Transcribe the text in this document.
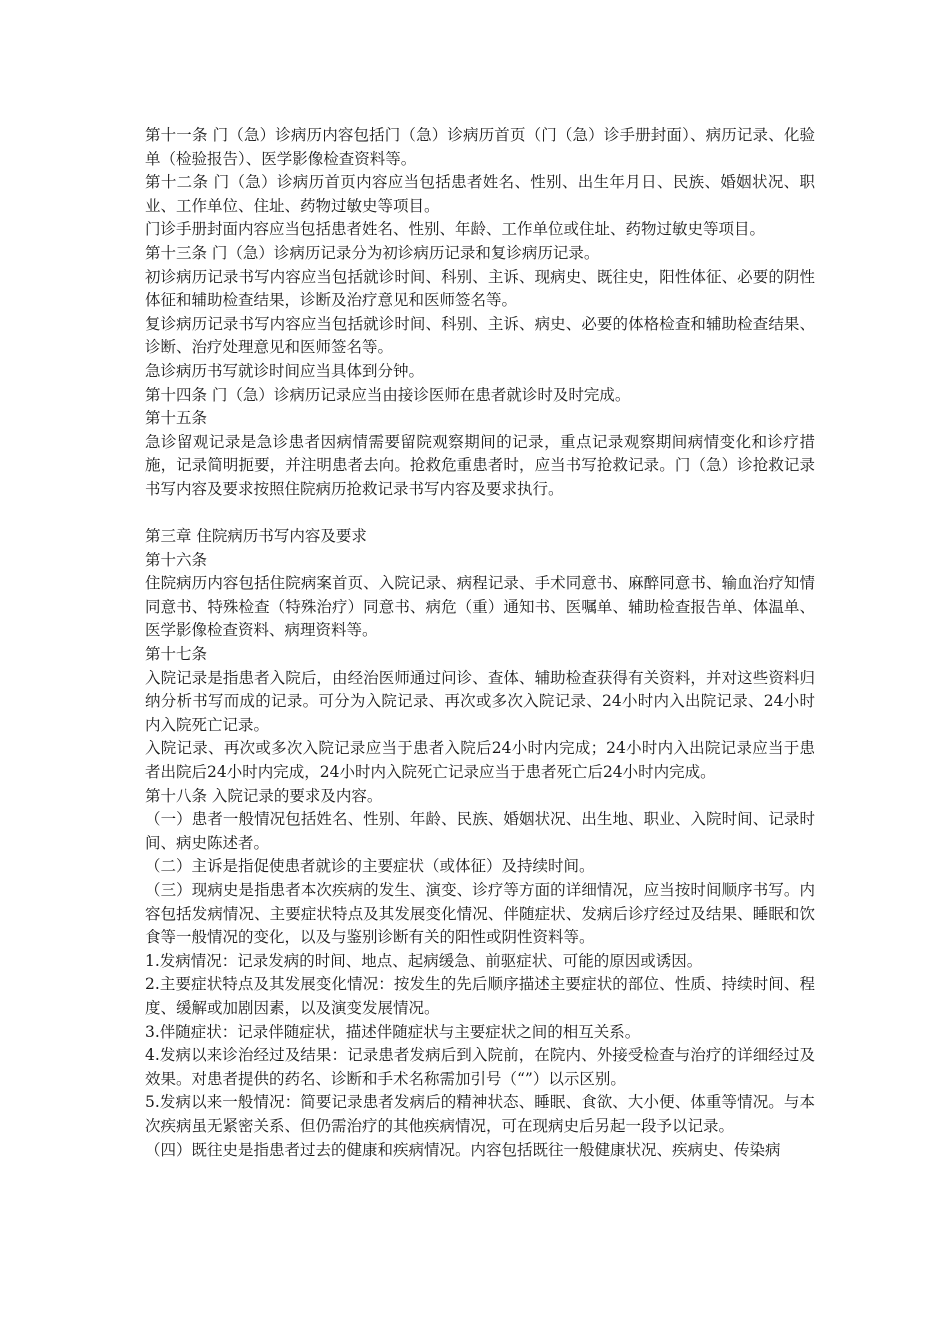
第十一条 门（急）诊病历内容包括门（急）诊病历首页（门（急）诊手册封面）、病历记录、化验单（检验报告）、医学影像检查资料等。

第十二条 门（急）诊病历首页内容应当包括患者姓名、性别、出生年月日、民族、婚姻状况、职业、工作单位、住址、药物过敏史等项目。

门诊手册封面内容应当包括患者姓名、性别、年龄、工作单位或住址、药物过敏史等项目。

第十三条 门（急）诊病历记录分为初诊病历记录和复诊病历记录。

初诊病历记录书写内容应当包括就诊时间、科别、主诉、现病史、既往史，阳性体征、必要的阴性体征和辅助检查结果，诊断及治疗意见和医师签名等。

复诊病历记录书写内容应当包括就诊时间、科别、主诉、病史、必要的体格检查和辅助检查结果、诊断、治疗处理意见和医师签名等。

急诊病历书写就诊时间应当具体到分钟。

第十四条 门（急）诊病历记录应当由接诊医师在患者就诊时及时完成。

第十五条

急诊留观记录是急诊患者因病情需要留院观察期间的记录，重点记录观察期间病情变化和诊疗措施，记录简明扼要，并注明患者去向。抢救危重患者时，应当书写抢救记录。门（急）诊抢救记录书写内容及要求按照住院病历抢救记录书写内容及要求执行。

第三章 住院病历书写内容及要求

第十六条

住院病历内容包括住院病案首页、入院记录、病程记录、手术同意书、麻醉同意书、输血治疗知情同意书、特殊检查（特殊治疗）同意书、病危（重）通知书、医嘱单、辅助检查报告单、体温单、医学影像检查资料、病理资料等。

第十七条

入院记录是指患者入院后，由经治医师通过问诊、查体、辅助检查获得有关资料，并对这些资料归纳分析书写而成的记录。可分为入院记录、再次或多次入院记录、24小时内入出院记录、24小时内入院死亡记录。

入院记录、再次或多次入院记录应当于患者入院后24小时内完成；24小时内入出院记录应当于患者出院后24小时内完成，24小时内入院死亡记录应当于患者死亡后24小时内完成。

第十八条 入院记录的要求及内容。

（一）患者一般情况包括姓名、性别、年龄、民族、婚姻状况、出生地、职业、入院时间、记录时间、病史陈述者。

（二）主诉是指促使患者就诊的主要症状（或体征）及持续时间。

（三）现病史是指患者本次疾病的发生、演变、诊疗等方面的详细情况，应当按时间顺序书写。内容包括发病情况、主要症状特点及其发展变化情况、伴随症状、发病后诊疗经过及结果、睡眠和饮食等一般情况的变化，以及与鉴别诊断有关的阳性或阴性资料等。

1.发病情况：记录发病的时间、地点、起病缓急、前驱症状、可能的原因或诱因。

2.主要症状特点及其发展变化情况：按发生的先后顺序描述主要症状的部位、性质、持续时间、程度、缓解或加剧因素，以及演变发展情况。

3.伴随症状：记录伴随症状，描述伴随症状与主要症状之间的相互关系。

4.发病以来诊治经过及结果：记录患者发病后到入院前，在院内、外接受检查与治疗的详细经过及效果。对患者提供的药名、诊断和手术名称需加引号（“”）以示区别。

5.发病以来一般情况：简要记录患者发病后的精神状态、睡眠、食欲、大小便、体重等情况。与本次疾病虽无紧密关系、但仍需治疗的其他疾病情况，可在现病史后另起一段予以记录。

（四）既往史是指患者过去的健康和疾病情况。内容包括既往一般健康状况、疾病史、传染病
